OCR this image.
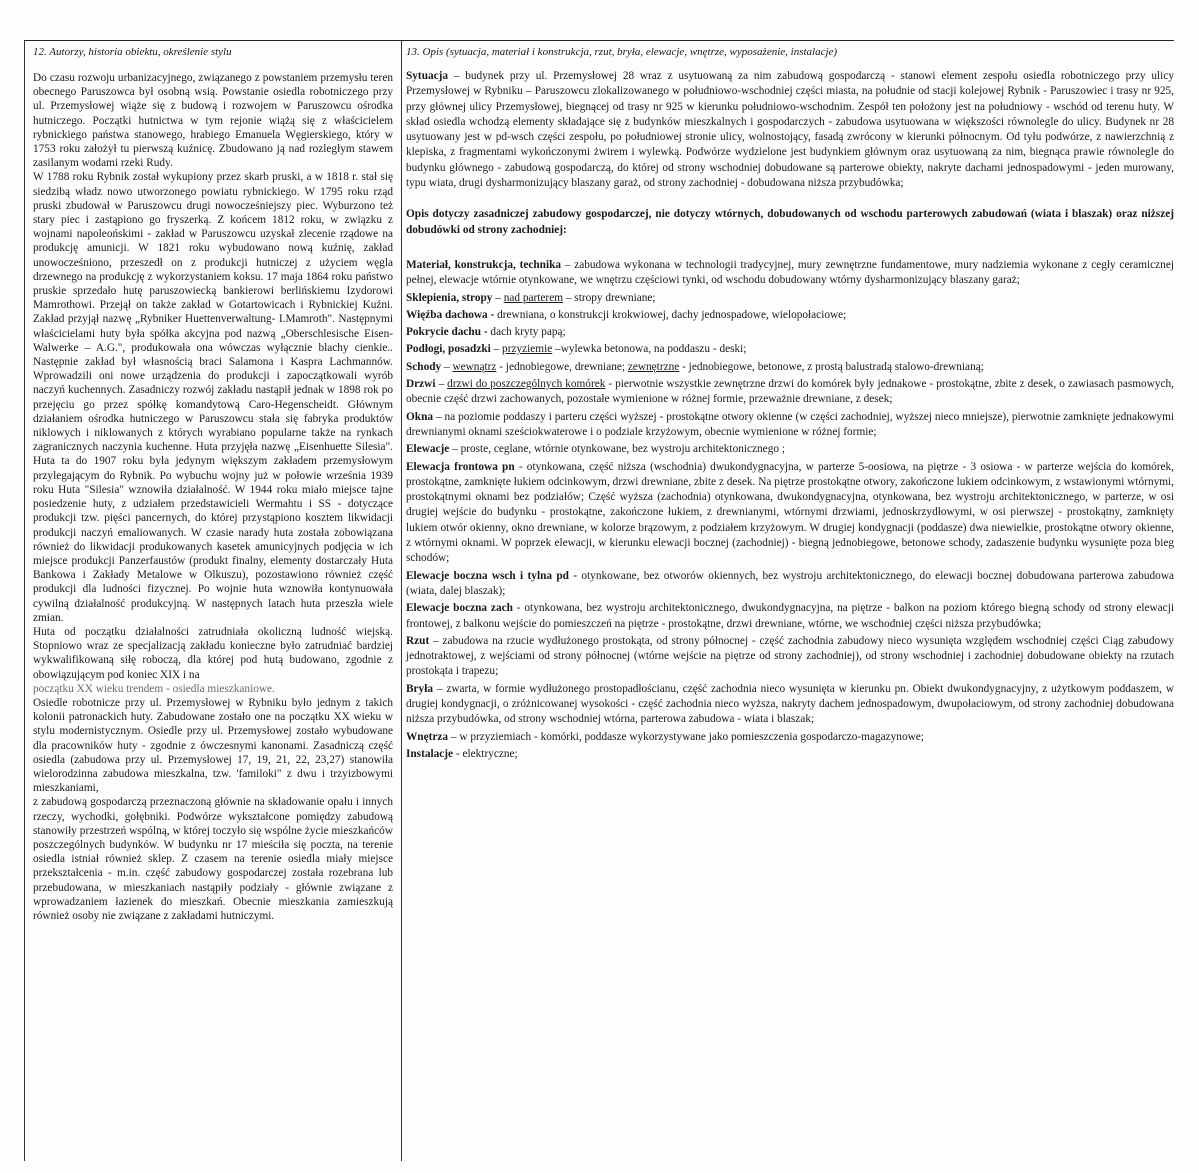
12. Autorzy, historia obiektu, określenie stylu

Do czasu rozwoju urbanizacyjnego, związanego z powstaniem przemysłu teren obecnego Paruszowca był osobną wsią. Powstanie osiedla robotniczego przy ul. Przemysłowej wiąże się z budową i rozwojem w Paruszowcu ośrodka hutniczego. Początki hutnictwa w tym rejonie wiążą się z właścicielem rybnickiego państwa stanowego, hrabiego Emanuela Węgierskiego, który w 1753 roku założył tu pierwszą kuźnicę. Zbudowano ją nad rozległym stawem zasilanym wodami rzeki Rudy.

W 1788 roku Rybnik został wykupiony przez skarb pruski, a w 1818 r. stał się siedzibą władz nowo utworzonego powiatu rybnickiego. W 1795 roku rząd pruski zbudował w Paruszowcu drugi nowocześniejszy piec. Wyburzono też stary piec i zastąpiono go fryszerką. Z końcem 1812 roku, w związku z wojnami napoleońskimi - zakład w Paruszowcu uzyskał zlecenie rządowe na produkcję amunicji. W 1821 roku wybudowano nową kuźnię, zakład unowocześniono, przeszedł on z produkcji hutniczej z użyciem węgla drzewnego na produkcję z wykorzystaniem koksu. 17 maja 1864 roku państwo pruskie sprzedało hutę paruszowiecką bankierowi berlińskiemu Izydorowi Mamrothowi. Przejął on także zakład w Gotartowicach i Rybnickiej Kuźni. Zakład przyjął nazwę „Rybniker Huettenverwaltung- I.Mamroth". Następnymi właścicielami huty była spółka akcyjna pod nazwą „Oberschlesische Eisen-Walwerke – A.G.", produkowała ona wówczas wyłącznie blachy cienkie.. Następnie zakład był własnością braci Salamona i Kaspra Lachmannów. Wprowadzili oni nowe urządzenia do produkcji i zapoczątkowali wyrób naczyń kuchennych. Zasadniczy rozwój zakładu nastąpił jednak w 1898 rok po przejęciu go przez spółkę komandytową Caro-Hegenscheidt. Głównym działaniem ośrodka hutniczego w Paruszowcu stała się fabryka produktów niklowych i niklowanych z których wyrabiano popularne także na rynkach zagranicznych naczynia kuchenne. Huta przyjęła nazwę „Eisenhuette Silesia". Huta ta do 1907 roku była jedynym większym zakładem przemysłowym przylegającym do Rybnik. Po wybuchu wojny już w połowie września 1939 roku Huta "Silesia" wznowiła działalność. W 1944 roku miało miejsce tajne posiedzenie huty, z udziałem przedstawicieli Wermahtu i SS - dotyczące produkcji tzw. pięści pancernych, do której przystąpiono kosztem likwidacji produkcji naczyń emaliowanych. W czasie narady huta została zobowiązana również do likwidacji produkowanych kasetek amunicyjnych podjęcia w ich miejsce produkcji Panzerfaustów (produkt finalny, elementy dostarczały Huta Bankowa i Zakłady Metalowe w Olkuszu), pozostawiono również część produkcji dla ludności fizycznej. Po wojnie huta wznowiła kontynuowała cywilną działalność produkcyjną. W następnych latach huta przeszła wiele zmian.

Huta od początku działalności zatrudniała okoliczną ludność wiejską. Stopniowo wraz ze specjalizacją zakładu konieczne było zatrudniać bardziej wykwalifikowaną siłę roboczą, dla której pod hutą budowano, zgodnie z obowiązującym pod koniec XIX i na

początku XX wieku trendem - osiedla mieszkaniowe.

Osiedle robotnicze przy ul. Przemysłowej w Rybniku było jednym z takich kolonii patronackich huty. Zabudowane zostało one na początku XX wieku w stylu modernistycznym. Osiedle przy ul. Przemysłowej zostało wybudowane dla pracowników huty - zgodnie z ówczesnymi kanonami. Zasadniczą część osiedla (zabudowa przy ul. Przemysłowej 17, 19, 21, 22, 23,27) stanowiła wielorodzinna zabudowa mieszkalna, tzw. 'familoki" z dwu i trzyizbowymi mieszkaniami,

z zabudową gospodarczą przeznaczoną głównie na składowanie opału i innych rzeczy, wychodki, gołębniki. Podwórze wykształcone pomiędzy zabudową stanowiły przestrzeń wspólną, w której toczyło się wspólne życie mieszkańców poszczególnych budynków. W budynku nr 17 mieściła się poczta, na terenie osiedla istniał również sklep. Z czasem na terenie osiedla miały miejsce przekształcenia - m.in. część zabudowy gospodarczej została rozebrana lub przebudowana, w mieszkaniach nastąpiły podziały - głównie związane z wprowadzaniem łazienek do mieszkań. Obecnie mieszkania zamieszkują również osoby nie związane z zakładami hutniczymi.

13. Opis (sytuacja, materiał i konstrukcja, rzut, bryła, elewacje, wnętrze, wyposażenie, instalacje)

Sytuacja – budynek przy ul. Przemysłowej 28 wraz z usytuowaną za nim zabudową gospodarczą - stanowi element zespołu osiedla robotniczego przy ulicy Przemysłowej w Rybniku – Paruszowcu zlokalizowanego w południowo-wschodniej części miasta, na południe od stacji kolejowej Rybnik - Paruszowiec i trasy nr 925, przy głównej ulicy Przemysłowej, biegnącej od trasy nr 925 w kierunku południowo-wschodnim. Zespół ten położony jest na południowy - wschód od terenu huty. W skład osiedla wchodzą elementy składające się z budynków mieszkalnych i gospodarczych - zabudowa usytuowana w większości równolegle do ulicy. Budynek nr 28 usytuowany jest w pd-wsch części zespołu, po południowej stronie ulicy, wolnostojący, fasadą zwrócony w kierunki północnym. Od tyłu podwórze, z nawierzchnią z klepiska, z fragmentami wykończonymi żwirem i wylewką. Podwórze wydzielone jest budynkiem głównym oraz usytuowaną za nim, biegnąca prawie równolegle do budynku głównego - zabudową gospodarczą, do której od strony wschodniej dobudowane są parterowe obiekty, nakryte dachami jednospadowymi - jeden murowany, typu wiata, drugi dysharmonizujący blaszany garaż, od strony zachodniej - dobudowana niższa przybudówka;

Opis dotyczy zasadniczej zabudowy gospodarczej, nie dotyczy wtórnych, dobudowanych od wschodu parterowych zabudowań (wiata i blaszak) oraz niższej dobudówki od strony zachodniej:

Materiał, konstrukcja, technika – zabudowa wykonana w technologii tradycyjnej, mury zewnętrzne fundamentowe, mury nadziemia wykonane z cegły ceramicznej pełnej, elewacje wtórnie otynkowane, we wnętrzu częściowi tynki, od wschodu dobudowany wtórny dysharmonizujący blaszany garaż;

Sklepienia, stropy – nad parterem – stropy drewniane;

Więźba dachowa - drewniana, o konstrukcji krokwiowej, dachy jednospadowe, wielopołaciowe;

Pokrycie dachu - dach kryty papą;

Podłogi, posadzki – przyziemie –wylewka betonowa, na poddaszu - deski;

Schody – wewnątrz - jednobiegowe, drewniane; zewnętrzne - jednobiegowe, betonowe, z prostą balustradą stalowo-drewnianą;

Drzwi – drzwi do poszczególnych komórek - pierwotnie wszystkie zewnętrzne drzwi do komórek były jednakowe - prostokątne, zbite z desek, o zawiasach pasmowych, obecnie część drzwi zachowanych, pozostałe wymienione w różnej formie, przeważnie drewniane, z desek;

Okna – na poziomie poddaszy i parteru części wyższej - prostokątne otwory okienne (w części zachodniej, wyższej nieco mniejsze), pierwotnie zamknięte jednakowymi drewnianymi oknami sześciokwaterowe i o podziale krzyżowym, obecnie wymienione w różnej formie;

Elewacje – proste, ceglane, wtórnie otynkowane, bez wystroju architektonicznego ;

Elewacja frontowa pn - otynkowana, część niższa (wschodnia) dwukondygnacyjna, w parterze 5-oosiowa, na piętrze - 3 osiowa - w parterze wejścia do komórek, prostokątne, zamknięte łukiem odcinkowym, drzwi drewniane, zbite z desek. Na piętrze prostokątne otwory, zakończone lukiem odcinkowym, z wstawionymi wtórnymi, prostokątnymi oknami bez podziałów; Część wyższa (zachodnia) otynkowana, dwukondygnacyjna, otynkowana, bez wystroju architektonicznego, w parterze, w osi drugiej wejście do budynku - prostokątne, zakończone łukiem, z drewnianymi, wtórnymi drzwiami, jednoskrzydłowymi, w osi pierwszej - prostokątny, zamknięty lukiem otwór okienny, okno drewniane, w kolorze brązowym, z podziałem krzyżowym. W drugiej kondygnacji (poddasze) dwa niewielkie, prostokątne otwory okienne, z wtórnymi oknami. W poprzek elewacji, w kierunku elewacji bocznej (zachodniej) - biegną jednobiegowe, betonowe schody, zadaszenie budynku wysunięte poza bieg schodów;

Elewacje boczna wsch i tylna pd - otynkowane, bez otworów okiennych, bez wystroju architektonicznego, do elewacji bocznej dobudowana parterowa zabudowa (wiata, dalej blaszak);

Elewacje boczna zach - otynkowana, bez wystroju architektonicznego, dwukondygnacyjna, na piętrze - balkon na poziom którego biegną schody od strony elewacji frontowej, z balkonu wejście do pomieszczeń na piętrze - prostokątne, drzwi drewniane, wtórne, we wschodniej części niższa przybudówka;

Rzut – zabudowa na rzucie wydłużonego prostokąta, od strony północnej - część zachodnia zabudowy nieco wysunięta względem wschodniej części Ciąg zabudowy jednotraktowej, z wejściami od strony północnej (wtórne wejście na piętrze od strony zachodniej), od strony wschodniej i zachodniej dobudowane obiekty na rzutach prostokąta i trapezu;

Bryła – zwarta, w formie wydłużonego prostopadłościanu, część zachodnia nieco wysunięta w kierunku pn. Obiekt dwukondygnacyjny, z użytkowym poddaszem, w drugiej kondygnacji, o zróżnicowanej wysokości - część zachodnia nieco wyższa, nakryty dachem jednospadowym, dwupołaciowym, od strony zachodniej dobudowana niższa przybudówka, od strony wschodniej wtórna, parterowa zabudowa - wiata i blaszak;

Wnętrza – w przyziemiach - komórki, poddasze wykorzystywane jako pomieszczenia gospodarczo-magazynowe;

Instalacje - elektryczne;
